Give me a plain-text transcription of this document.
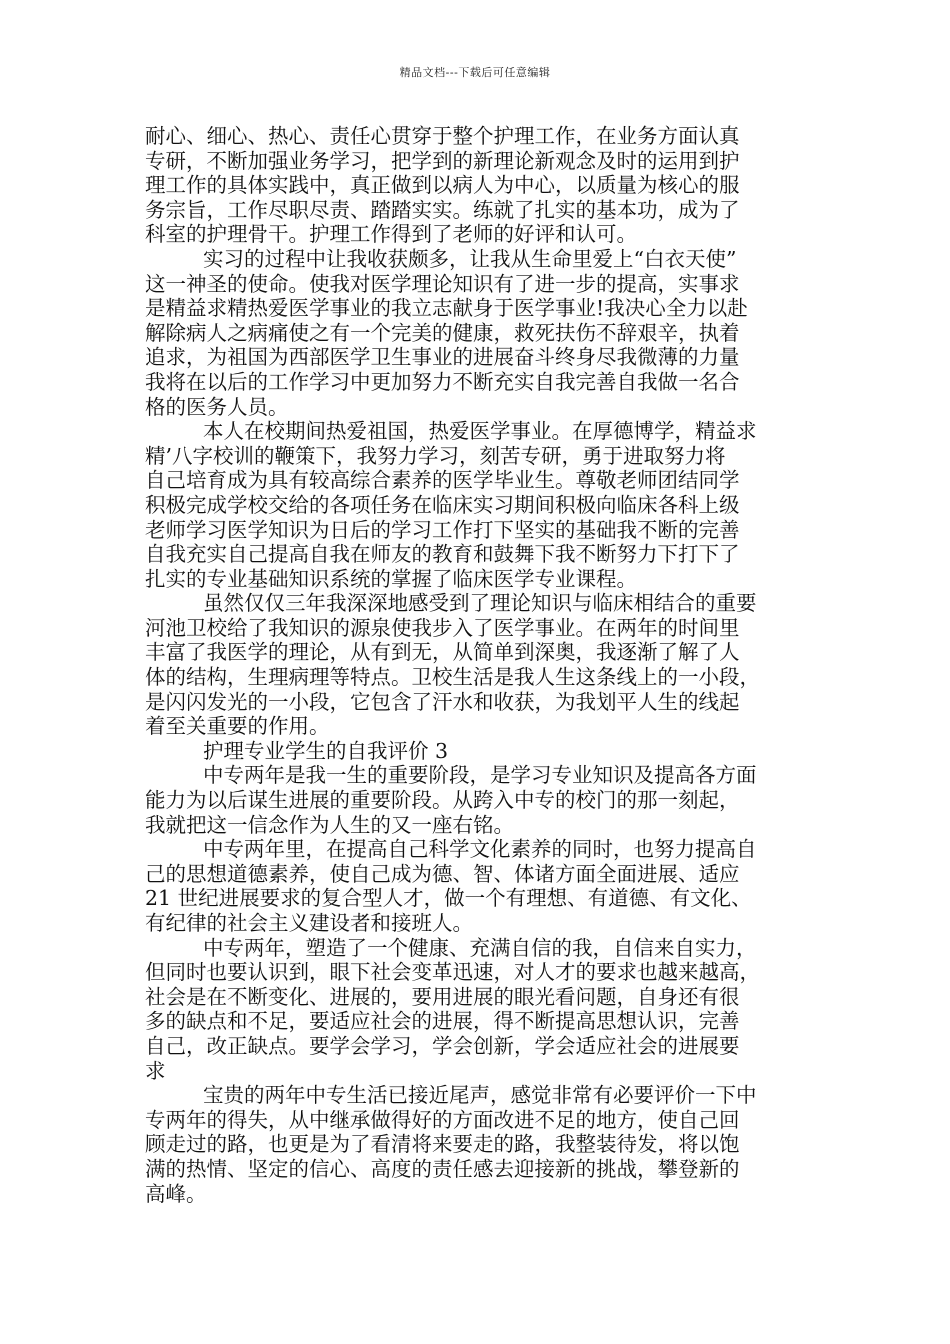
精品文档---下载后可任意编辑
耐心、细心、热心、责任心贯穿于整个护理工作，在业务方面认真
专研，不断加强业务学习，把学到的新理论新观念及时的运用到护
理工作的具体实践中，真正做到以病人为中心，以质量为核心的服
务宗旨，工作尽职尽责、踏踏实实。练就了扎实的基本功，成为了
科室的护理骨干。护理工作得到了老师的好评和认可。
实习的过程中让我收获颇多，让我从生命里爱上“白衣天使”
这一神圣的使命。使我对医学理论知识有了进一步的提高，实事求
是精益求精热爱医学事业的我立志献身于医学事业!我决心全力以赴
解除病人之病痛使之有一个完美的健康，救死扶伤不辞艰辛，执着
追求，为祖国为西部医学卫生事业的进展奋斗终身尽我微薄的力量
我将在以后的工作学习中更加努力不断充实自我完善自我做一名合
格的医务人员。
本人在校期间热爱祖国，热爱医学事业。在厚德博学，精益求
精’八字校训的鞭策下，我努力学习，刻苦专研，勇于进取努力将
自己培育成为具有较高综合素养的医学毕业生。尊敬老师团结同学
积极完成学校交给的各项任务在临床实习期间积极向临床各科上级
老师学习医学知识为日后的学习工作打下坚实的基础我不断的完善
自我充实自己提高自我在师友的教育和鼓舞下我不断努力下打下了
扎实的专业基础知识系统的掌握了临床医学专业课程。
虽然仅仅三年我深深地感受到了理论知识与临床相结合的重要
河池卫校给了我知识的源泉使我步入了医学事业。在两年的时间里
丰富了我医学的理论，从有到无，从简单到深奥，我逐渐了解了人
体的结构，生理病理等特点。卫校生活是我人生这条线上的一小段，
是闪闪发光的一小段，它包含了汗水和收获，为我划平人生的线起
着至关重要的作用。
护理专业学生的自我评价 3
中专两年是我一生的重要阶段，是学习专业知识及提高各方面
能力为以后谋生进展的重要阶段。从跨入中专的校门的那一刻起，
我就把这一信念作为人生的又一座右铭。
中专两年里，在提高自己科学文化素养的同时，也努力提高自
己的思想道德素养，使自己成为德、智、体诸方面全面进展、适应
21 世纪进展要求的复合型人才，做一个有理想、有道德、有文化、
有纪律的社会主义建设者和接班人。
中专两年，塑造了一个健康、充满自信的我，自信来自实力，
但同时也要认识到，眼下社会变革迅速，对人才的要求也越来越高，
社会是在不断变化、进展的，要用进展的眼光看问题，自身还有很
多的缺点和不足，要适应社会的进展，得不断提高思想认识，完善
自己，改正缺点。要学会学习，学会创新，学会适应社会的进展要
求
宝贵的两年中专生活已接近尾声，感觉非常有必要评价一下中
专两年的得失，从中继承做得好的方面改进不足的地方，使自己回
顾走过的路，也更是为了看清将来要走的路，我整装待发，将以饱
满的热情、坚定的信心、高度的责任感去迎接新的挑战，攀登新的
高峰。
